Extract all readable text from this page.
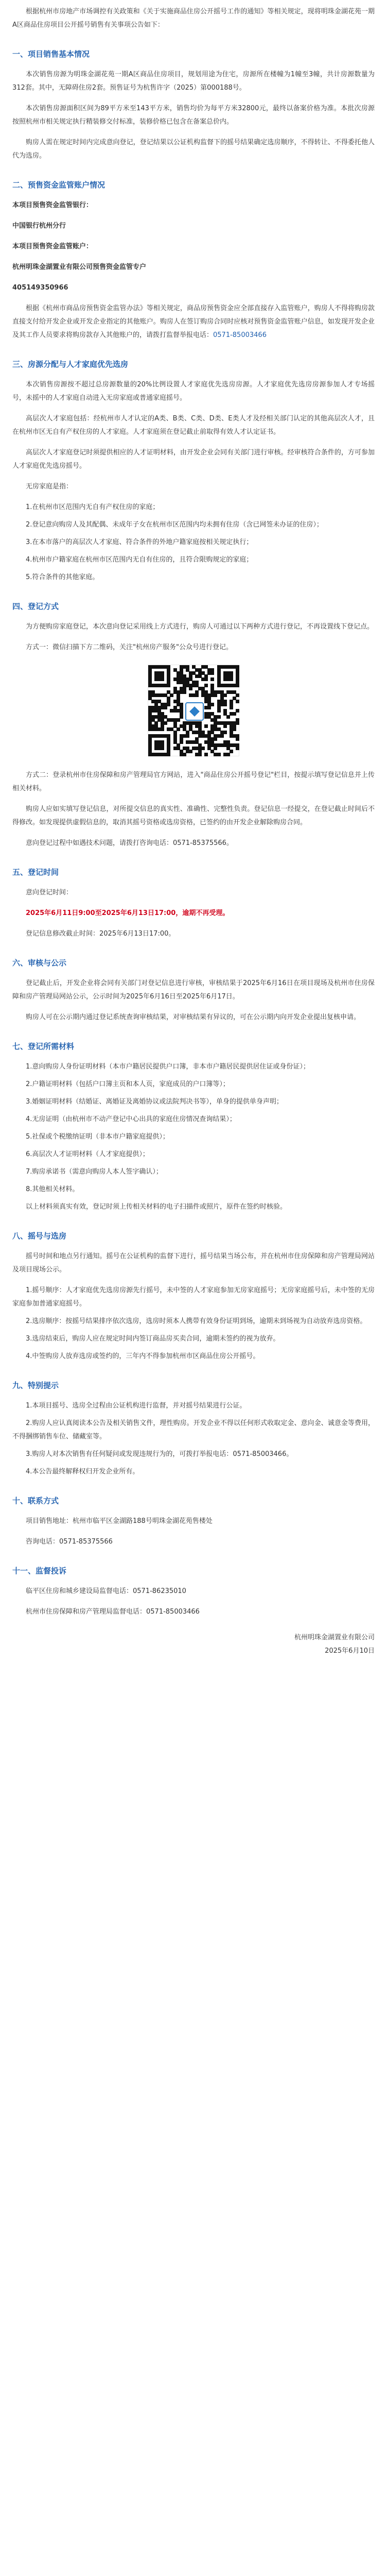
根据杭州市房地产市场调控有关政策和《关于实施商品住房公开摇号工作的通知》等相关规定，现将明珠金湖花苑一期A区商品住房项目公开摇号销售有关事项公告如下：

一、项目销售基本情况

本次销售房源为明珠金湖花苑一期A区商品住房项目，规划用途为住宅，房源所在楼幢为1幢至3幢，共计房源数量为312套。其中，无障碍住房2套。预售证号为杭售许字（2025）第000188号。

本次销售房源面积区间为89平方米至143平方米，销售均价为每平方米32800元，最终以备案价格为准。本批次房源按照杭州市相关规定执行精装修交付标准，装修价格已包含在备案总价内。

购房人需在规定时间内完成意向登记，登记结果以公证机构监督下的摇号结果确定选房顺序，不得转让、不得委托他人代为选房。

二、预售资金监管账户情况

本项目预售资金监管银行：

中国银行杭州分行

本项目预售资金监管账户：

杭州明珠金湖置业有限公司预售资金监管专户

405149350966

根据《杭州市商品房预售资金监管办法》等相关规定，商品房预售资金应全部直接存入监管账户，购房人不得将购房款直接支付给开发企业或开发企业指定的其他账户。购房人在签订购房合同时应核对预售资金监管账户信息，如发现开发企业及其工作人员要求将购房款存入其他账户的，请拨打监督举报电话：0571-85003466

三、房源分配与人才家庭优先选房

本次销售房源按不超过总房源数量的20%比例设置人才家庭优先选房房源。人才家庭优先选房房源参加人才专场摇号，未摇中的人才家庭自动进入无房家庭或普通家庭摇号。

高层次人才家庭包括：经杭州市人才认定的A类、B类、C类、D类、E类人才及经相关部门认定的其他高层次人才，且在杭州市区无自有产权住房的人才家庭。人才家庭须在登记截止前取得有效人才认定证书。

高层次人才家庭登记时须提供相应的人才证明材料，由开发企业会同有关部门进行审核。经审核符合条件的，方可参加人才家庭优先选房摇号。

无房家庭是指：

1.在杭州市区范围内无自有产权住房的家庭；

2.登记意向购房人及其配偶、未成年子女在杭州市区范围内均未拥有住房（含已网签未办证的住房）；

3.在本市落户的高层次人才家庭、符合条件的外地户籍家庭按相关规定执行；

4.杭州市户籍家庭在杭州市区范围内无自有住房的，且符合限购规定的家庭；

5.符合条件的其他家庭。

四、登记方式

为方便购房家庭登记，本次意向登记采用线上方式进行，购房人可通过以下两种方式进行登记，不再设置线下登记点。

方式一：微信扫描下方二维码，关注"杭州房产服务"公众号进行登记。

方式二：登录杭州市住房保障和房产管理局官方网站，进入"商品住房公开摇号登记"栏目，按提示填写登记信息并上传相关材料。

购房人应如实填写登记信息，对所提交信息的真实性、准确性、完整性负责。登记信息一经提交，在登记截止时间后不得修改。如发现提供虚假信息的，取消其摇号资格或选房资格，已签约的由开发企业解除购房合同。

意向登记过程中如遇技术问题，请拨打咨询电话：0571-85375566。

五、登记时间

意向登记时间：

2025年6月11日9:00至2025年6月13日17:00，逾期不再受理。

登记信息修改截止时间：2025年6月13日17:00。

六、审核与公示

登记截止后，开发企业将会同有关部门对登记信息进行审核，审核结果于2025年6月16日在项目现场及杭州市住房保障和房产管理局网站公示，公示时间为2025年6月16日至2025年6月17日。

购房人可在公示期内通过登记系统查询审核结果，对审核结果有异议的，可在公示期内向开发企业提出复核申请。

七、登记所需材料

1.意向购房人身份证明材料（本市户籍居民提供户口簿，非本市户籍居民提供居住证或身份证）；

2.户籍证明材料（包括户口簿主页和本人页，家庭成员的户口簿等）；

3.婚姻证明材料（结婚证、离婚证及离婚协议或法院判决书等），单身的提供单身声明；

4.无房证明（由杭州市不动产登记中心出具的家庭住房情况查询结果）；

5.社保或个税缴纳证明（非本市户籍家庭提供）；

6.高层次人才证明材料（人才家庭提供）；

7.购房承诺书（需意向购房人本人签字确认）；

8.其他相关材料。

以上材料须真实有效，登记时须上传相关材料的电子扫描件或照片，原件在签约时核验。

八、摇号与选房

摇号时间和地点另行通知。摇号在公证机构的监督下进行，摇号结果当场公布，并在杭州市住房保障和房产管理局网站及项目现场公示。

1.摇号顺序：人才家庭优先选房房源先行摇号，未中签的人才家庭参加无房家庭摇号；无房家庭摇号后，未中签的无房家庭参加普通家庭摇号。

2.选房顺序：按摇号结果排序依次选房，选房时须本人携带有效身份证明到场，逾期未到场视为自动放弃选房资格。

3.选房结束后，购房人应在规定时间内签订商品房买卖合同，逾期未签约的视为放弃。

4.中签购房人放弃选房或签约的，三年内不得参加杭州市区商品住房公开摇号。

九、特别提示

1.本项目摇号、选房全过程由公证机构进行监督，并对摇号结果进行公证。

2.购房人应认真阅读本公告及相关销售文件，理性购房。开发企业不得以任何形式收取定金、意向金、诚意金等费用，不得捆绑销售车位、储藏室等。

3.购房人对本次销售有任何疑问或发现违规行为的，可拨打举报电话：0571-85003466。

4.本公告最终解释权归开发企业所有。

十、联系方式

项目销售地址：杭州市临平区金湖路188号明珠金湖花苑售楼处

咨询电话：0571-85375566

十一、监督投诉

临平区住房和城乡建设局监督电话：0571-86235010

杭州市住房保障和房产管理局监督电话：0571-85003466

杭州明珠金湖置业有限公司

2025年6月10日
